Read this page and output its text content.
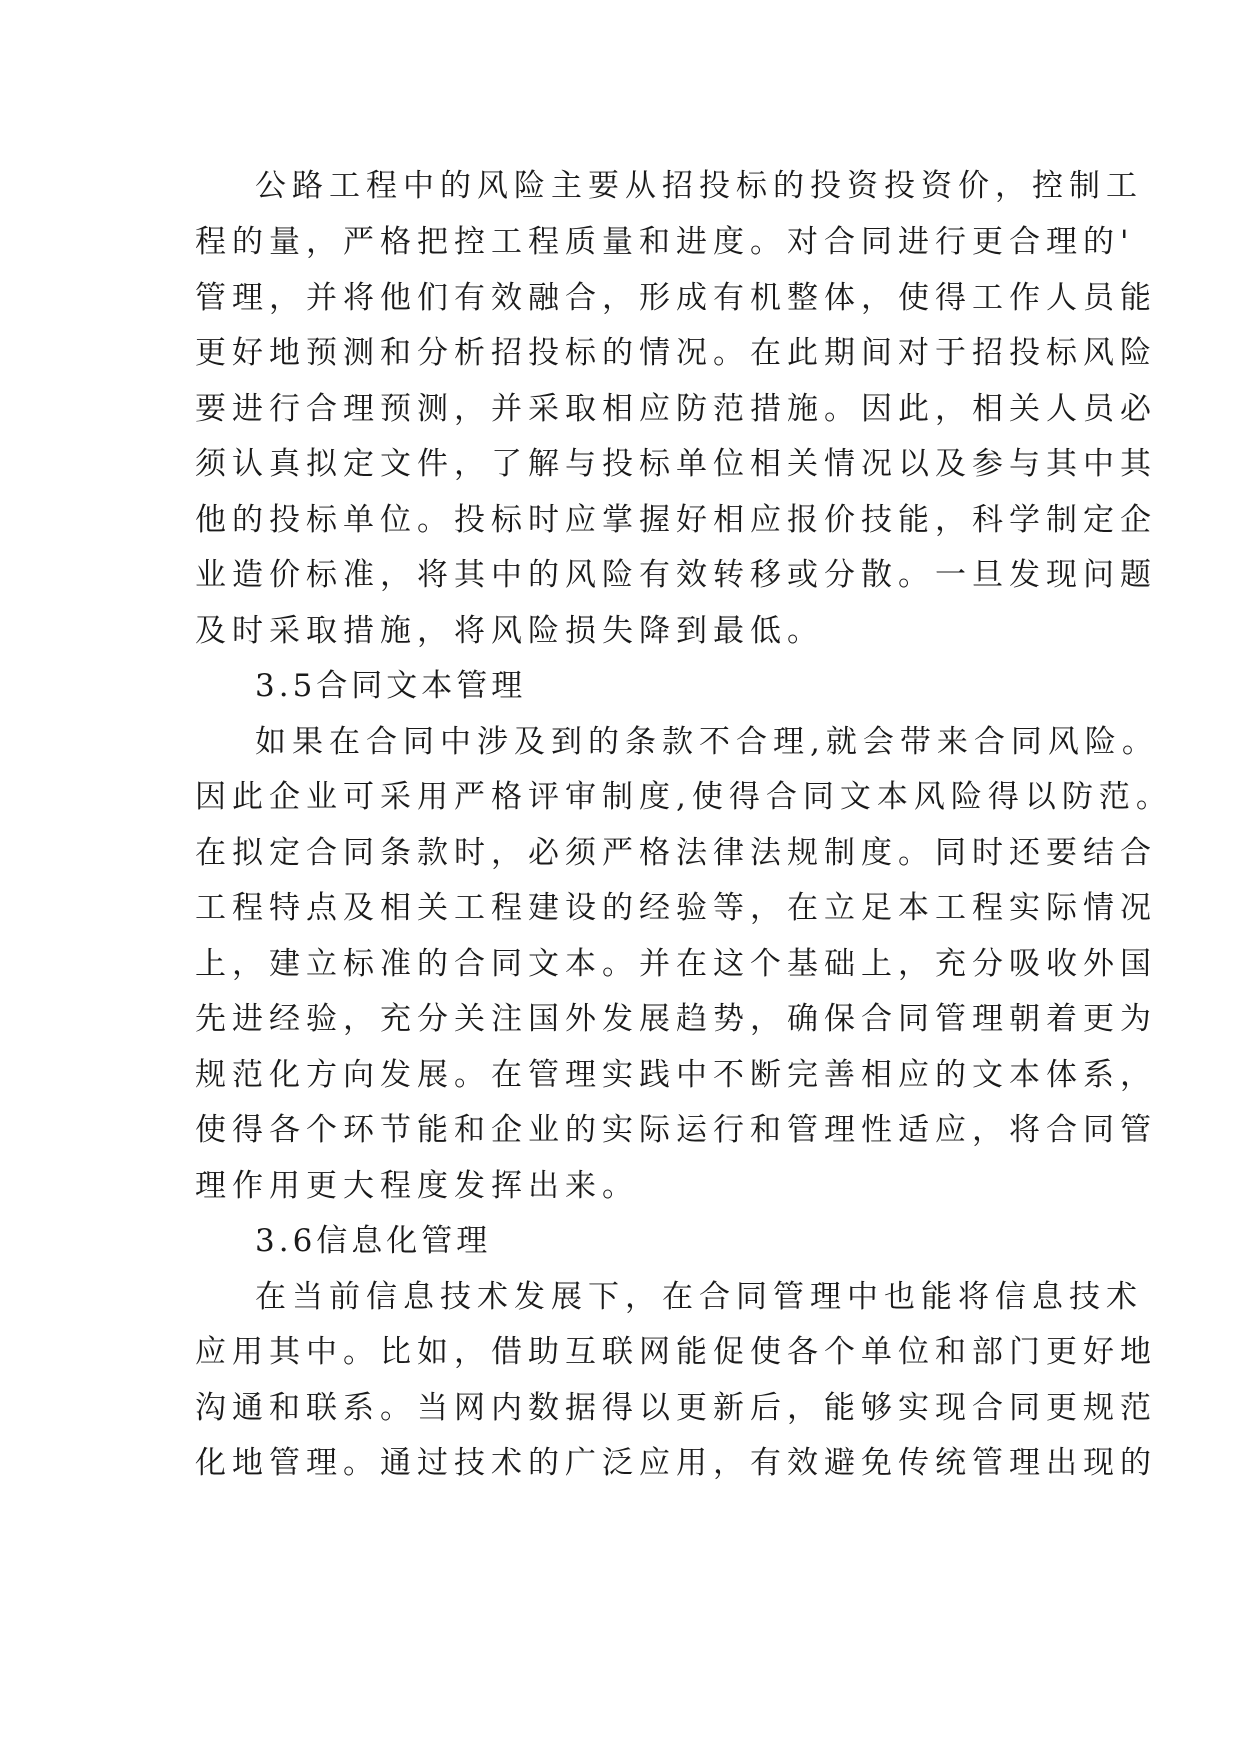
公路工程中的风险主要从招投标的投资投资价，控制工
程的量，严格把控工程质量和进度。对合同进行更合理的'
管理，并将他们有效融合，形成有机整体，使得工作人员能
更好地预测和分析招投标的情况。在此期间对于招投标风险
要进行合理预测，并采取相应防范措施。因此，相关人员必
须认真拟定文件，了解与投标单位相关情况以及参与其中其
他的投标单位。投标时应掌握好相应报价技能，科学制定企
业造价标准，将其中的风险有效转移或分散。一旦发现问题
及时采取措施，将风险损失降到最低。
3.5合同文本管理
如果在合同中涉及到的条款不合理,就会带来合同风险。
因此企业可采用严格评审制度,使得合同文本风险得以防范。
在拟定合同条款时，必须严格法律法规制度。同时还要结合
工程特点及相关工程建设的经验等，在立足本工程实际情况
上，建立标准的合同文本。并在这个基础上，充分吸收外国
先进经验，充分关注国外发展趋势，确保合同管理朝着更为
规范化方向发展。在管理实践中不断完善相应的文本体系，
使得各个环节能和企业的实际运行和管理性适应，将合同管
理作用更大程度发挥出来。
3.6信息化管理
在当前信息技术发展下，在合同管理中也能将信息技术
应用其中。比如，借助互联网能促使各个单位和部门更好地
沟通和联系。当网内数据得以更新后，能够实现合同更规范
化地管理。通过技术的广泛应用，有效避免传统管理出现的
